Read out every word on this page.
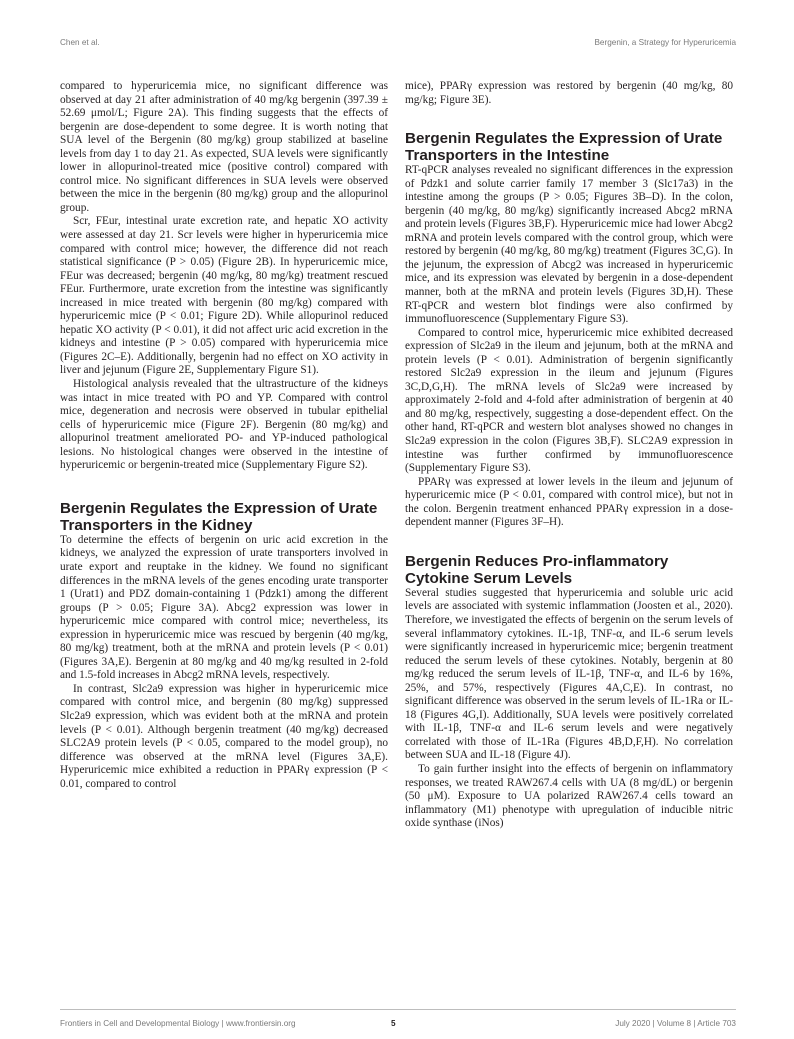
Chen et al.	Bergenin, a Strategy for Hyperuricemia

compared to hyperuricemia mice, no significant difference was observed at day 21 after administration of 40 mg/kg bergenin (397.39 ± 52.69 μmol/L; Figure 2A). This finding suggests that the effects of bergenin are dose-dependent to some degree. It is worth noting that SUA level of the Bergenin (80 mg/kg) group stabilized at baseline levels from day 1 to day 21. As expected, SUA levels were significantly lower in allopurinol-treated mice (positive control) compared with control mice. No significant differences in SUA levels were observed between the mice in the bergenin (80 mg/kg) group and the allopurinol group.

Scr, FEur, intestinal urate excretion rate, and hepatic XO activity were assessed at day 21. Scr levels were higher in hyperuricemia mice compared with control mice; however, the difference did not reach statistical significance (P > 0.05) (Figure 2B). In hyperuricemic mice, FEur was decreased; bergenin (40 mg/kg, 80 mg/kg) treatment rescued FEur. Furthermore, urate excretion from the intestine was significantly increased in mice treated with bergenin (80 mg/kg) compared with hyperuricemic mice (P < 0.01; Figure 2D). While allopurinol reduced hepatic XO activity (P < 0.01), it did not affect uric acid excretion in the kidneys and intestine (P > 0.05) compared with hyperuricemia mice (Figures 2C–E). Additionally, bergenin had no effect on XO activity in liver and jejunum (Figure 2E, Supplementary Figure S1).

Histological analysis revealed that the ultrastructure of the kidneys was intact in mice treated with PO and YP. Compared with control mice, degeneration and necrosis were observed in tubular epithelial cells of hyperuricemic mice (Figure 2F). Bergenin (80 mg/kg) and allopurinol treatment ameliorated PO- and YP-induced pathological lesions. No histological changes were observed in the intestine of hyperuricemic or bergenin-treated mice (Supplementary Figure S2).

Bergenin Regulates the Expression of Urate Transporters in the Kidney

To determine the effects of bergenin on uric acid excretion in the kidneys, we analyzed the expression of urate transporters involved in urate export and reuptake in the kidney. We found no significant differences in the mRNA levels of the genes encoding urate transporter 1 (Urat1) and PDZ domain-containing 1 (Pdzk1) among the different groups (P > 0.05; Figure 3A). Abcg2 expression was lower in hyperuricemic mice compared with control mice; nevertheless, its expression in hyperuricemic mice was rescued by bergenin (40 mg/kg, 80 mg/kg) treatment, both at the mRNA and protein levels (P < 0.01) (Figures 3A,E). Bergenin at 80 mg/kg and 40 mg/kg resulted in 2-fold and 1.5-fold increases in Abcg2 mRNA levels, respectively.

In contrast, Slc2a9 expression was higher in hyperuricemic mice compared with control mice, and bergenin (80 mg/kg) suppressed Slc2a9 expression, which was evident both at the mRNA and protein levels (P < 0.01). Although bergenin treatment (40 mg/kg) decreased SLC2A9 protein levels (P < 0.05, compared to the model group), no difference was observed at the mRNA level (Figures 3A,E). Hyperuricemic mice exhibited a reduction in PPARγ expression (P < 0.01, compared to control

mice), PPARγ expression was restored by bergenin (40 mg/kg, 80 mg/kg; Figure 3E).

Bergenin Regulates the Expression of Urate Transporters in the Intestine

RT-qPCR analyses revealed no significant differences in the expression of Pdzk1 and solute carrier family 17 member 3 (Slc17a3) in the intestine among the groups (P > 0.05; Figures 3B–D). In the colon, bergenin (40 mg/kg, 80 mg/kg) significantly increased Abcg2 mRNA and protein levels (Figures 3B,F). Hyperuricemic mice had lower Abcg2 mRNA and protein levels compared with the control group, which were restored by bergenin (40 mg/kg, 80 mg/kg) treatment (Figures 3C,G). In the jejunum, the expression of Abcg2 was increased in hyperuricemic mice, and its expression was elevated by bergenin in a dose-dependent manner, both at the mRNA and protein levels (Figures 3D,H). These RT-qPCR and western blot findings were also confirmed by immunofluorescence (Supplementary Figure S3).

Compared to control mice, hyperuricemic mice exhibited decreased expression of Slc2a9 in the ileum and jejunum, both at the mRNA and protein levels (P < 0.01). Administration of bergenin significantly restored Slc2a9 expression in the ileum and jejunum (Figures 3C,D,G,H). The mRNA levels of Slc2a9 were increased by approximately 2-fold and 4-fold after administration of bergenin at 40 and 80 mg/kg, respectively, suggesting a dose-dependent effect. On the other hand, RT-qPCR and western blot analyses showed no changes in Slc2a9 expression in the colon (Figures 3B,F). SLC2A9 expression in intestine was further confirmed by immunofluorescence (Supplementary Figure S3).

PPARγ was expressed at lower levels in the ileum and jejunum of hyperuricemic mice (P < 0.01, compared with control mice), but not in the colon. Bergenin treatment enhanced PPARγ expression in a dose-dependent manner (Figures 3F–H).

Bergenin Reduces Pro-inflammatory Cytokine Serum Levels

Several studies suggested that hyperuricemia and soluble uric acid levels are associated with systemic inflammation (Joosten et al., 2020). Therefore, we investigated the effects of bergenin on the serum levels of several inflammatory cytokines. IL-1β, TNF-α, and IL-6 serum levels were significantly increased in hyperuricemic mice; bergenin treatment reduced the serum levels of these cytokines. Notably, bergenin at 80 mg/kg reduced the serum levels of IL-1β, TNF-α, and IL-6 by 16%, 25%, and 57%, respectively (Figures 4A,C,E). In contrast, no significant difference was observed in the serum levels of IL-1Ra or IL-18 (Figures 4G,I). Additionally, SUA levels were positively correlated with IL-1β, TNF-α and IL-6 serum levels and were negatively correlated with those of IL-1Ra (Figures 4B,D,F,H). No correlation between SUA and IL-18 (Figure 4J).

To gain further insight into the effects of bergenin on inflammatory responses, we treated RAW267.4 cells with UA (8 mg/dL) or bergenin (50 μM). Exposure to UA polarized RAW267.4 cells toward an inflammatory (M1) phenotype with upregulation of inducible nitric oxide synthase (iNos)

Frontiers in Cell and Developmental Biology | www.frontiersin.org	5	July 2020 | Volume 8 | Article 703
